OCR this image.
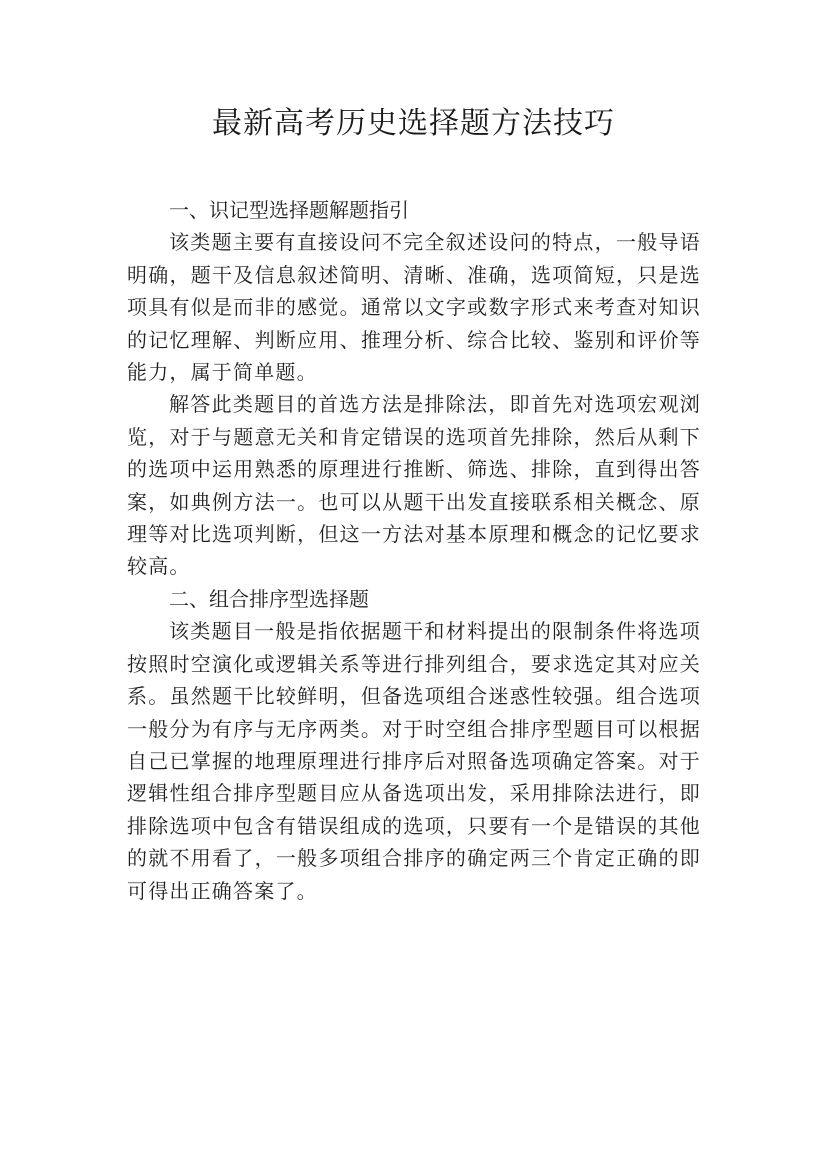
最新高考历史选择题方法技巧
一、识记型选择题解题指引

该类题主要有直接设问不完全叙述设问的特点，一般导语明确，题干及信息叙述简明、清晰、准确，选项简短，只是选项具有似是而非的感觉。通常以文字或数字形式来考查对知识的记忆理解、判断应用、推理分析、综合比较、鉴别和评价等能力，属于简单题。

解答此类题目的首选方法是排除法，即首先对选项宏观浏览，对于与题意无关和肯定错误的选项首先排除，然后从剩下的选项中运用熟悉的原理进行推断、筛选、排除，直到得出答案，如典例方法一。也可以从题干出发直接联系相关概念、原理等对比选项判断，但这一方法对基本原理和概念的记忆要求较高。

二、组合排序型选择题

该类题目一般是指依据题干和材料提出的限制条件将选项按照时空演化或逻辑关系等进行排列组合，要求选定其对应关系。虽然题干比较鲜明，但备选项组合迷惑性较强。组合选项一般分为有序与无序两类。对于时空组合排序型题目可以根据自己已掌握的地理原理进行排序后对照备选项确定答案。对于逻辑性组合排序型题目应从备选项出发，采用排除法进行，即排除选项中包含有错误组成的选项，只要有一个是错误的其他的就不用看了，一般多项组合排序的确定两三个肯定正确的即可得出正确答案了。
